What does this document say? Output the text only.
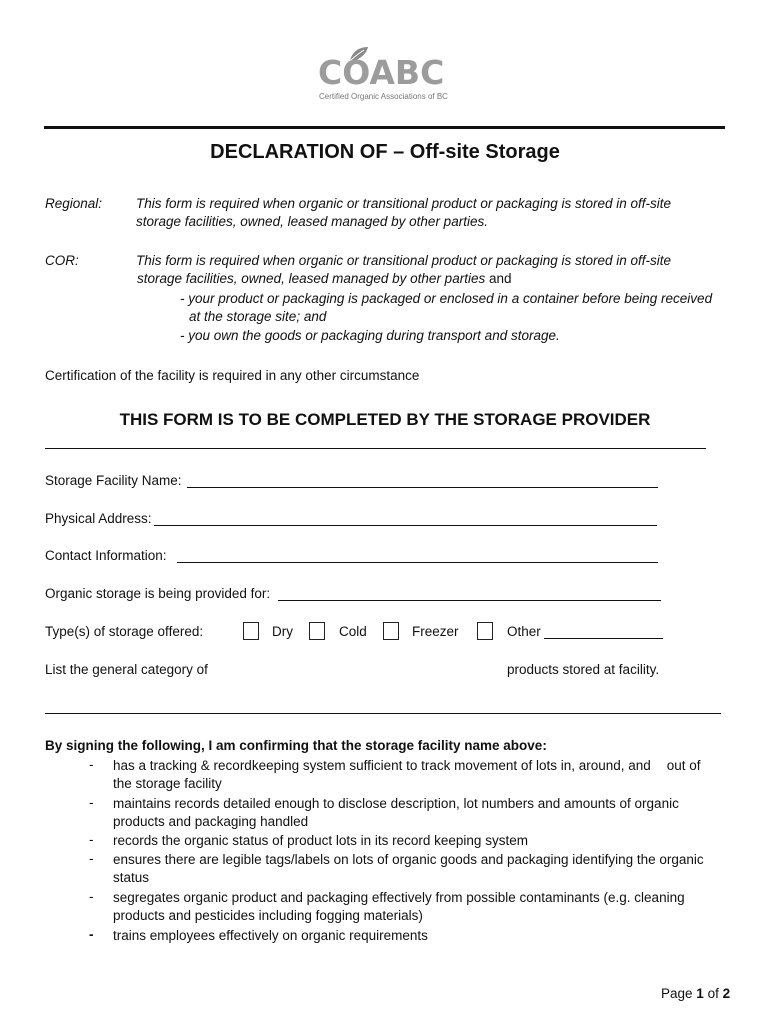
COABC
Certified Organic Associations of BC
DECLARATION OF – Off-site Storage
Regional:	This form is required when organic or transitional product or packaging is stored in off-site
storage facilities, owned, leased managed by other parties.
COR:	This form is required when organic or transitional product or packaging is stored in off-site
storage facilities, owned, leased managed by other parties and
- your product or packaging is packaged or enclosed in a container before being received
at the storage site; and
- you own the goods or packaging during transport and storage.
Certification of the facility is required in any other circumstance
THIS FORM IS TO BE COMPLETED BY THE STORAGE PROVIDER
Storage Facility Name:
Physical Address:
Contact Information:
Organic storage is being provided for:
Type(s) of storage offered:	Dry	Cold	Freezer	Other
List the general category of	products stored at facility.
By signing the following, I am confirming that the storage facility name above:
- has a tracking & recordkeeping system sufficient to track movement of lots in, around, and out of
the storage facility
- maintains records detailed enough to disclose description, lot numbers and amounts of organic
products and packaging handled
- records the organic status of product lots in its record keeping system
- ensures there are legible tags/labels on lots of organic goods and packaging identifying the organic
status
- segregates organic product and packaging effectively from possible contaminants (e.g. cleaning
products and pesticides including fogging materials)
- trains employees effectively on organic requirements
Page 1 of 2
